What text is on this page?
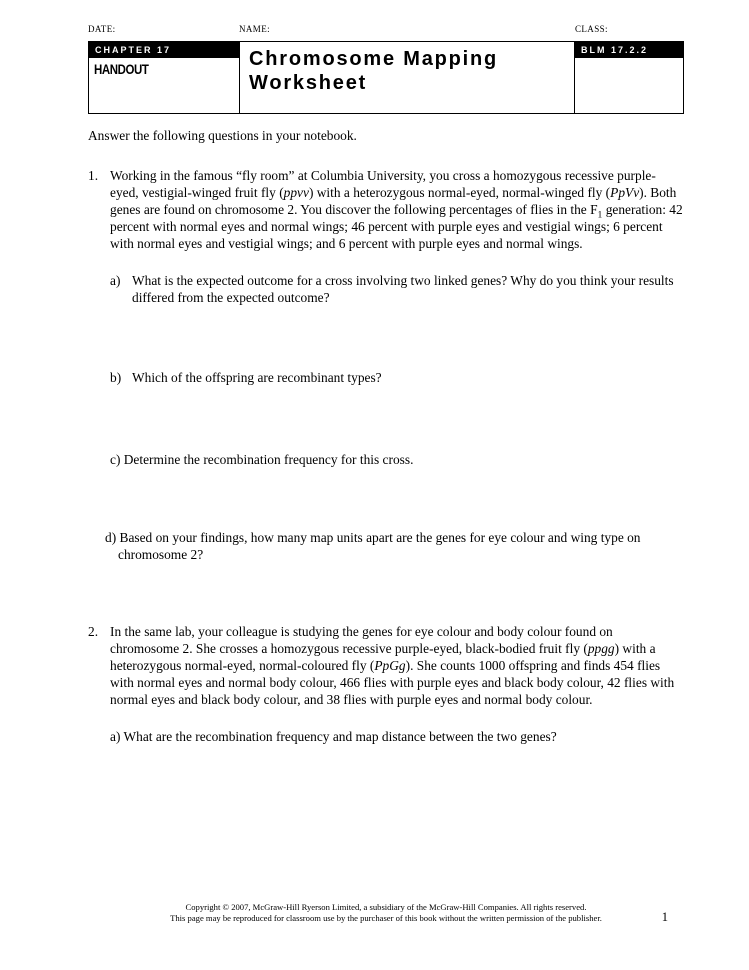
DATE:	NAME:	CLASS:
CHAPTER 17
HANDOUT	Chromosome Mapping
Worksheet
BLM 17.2.2

Answer the following questions in your notebook.

1. Working in the famous “fly room” at Columbia University, you cross a homozygous recessive purple-eyed, vestigial-winged fruit fly (ppvv) with a heterozygous normal-eyed, normal-winged fly (PpVv). Both genes are found on chromosome 2. You discover the following percentages of flies in the $F_1$ generation: 42 percent with normal eyes and normal wings; 46 percent with purple eyes and vestigial wings; 6 percent with normal eyes and vestigial wings; and 6 percent with purple eyes and normal wings.
a) What is the expected outcome for a cross involving two linked genes? Why do you think your results differed from the expected outcome?
b) Which of the offspring are recombinant types?

c) Determine the recombination frequency for this cross.

d) Based on your findings, how many map units apart are the genes for eye colour and wing type on chromosome 2?

2. In the same lab, your colleague is studying the genes for eye colour and body colour found on chromosome 2. She crosses a homozygous recessive purple-eyed, black-bodied fruit fly (ppgg) with a heterozygous normal-eyed, normal-coloured fly (PpGg). She counts 1000 offspring and finds 454 flies with normal eyes and normal body colour, 466 flies with purple eyes and black body colour, 42 flies with normal eyes and black body colour, and 38 flies with purple eyes and normal body colour.

a) What are the recombination frequency and map distance between the two genes?

Copyright © 2007, McGraw-Hill Ryerson Limited, a subsidiary of the McGraw-Hill Companies. All rights reserved.
This page may be reproduced for classroom use by the purchaser of this book without the written permission of the publisher.	1
